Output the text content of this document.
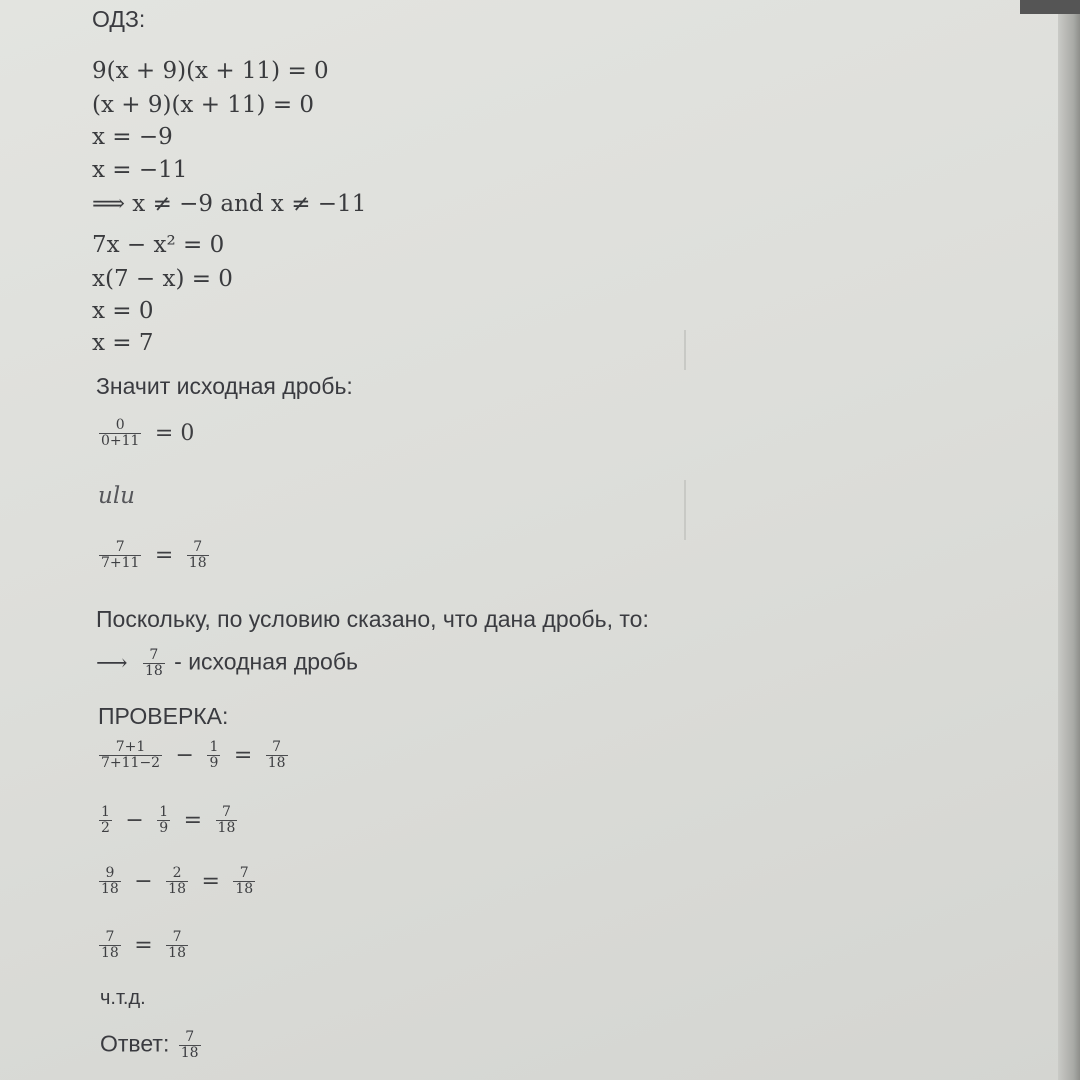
ОДЗ:
9(x + 9)(x + 11) = 0
(x + 9)(x + 11) = 0
x = −9
x = −11
⟹ x ≠ −9 and x ≠ −11
7x − x² = 0
x(7 − x) = 0
x = 0
x = 7
Значит исходная дробь:
$\frac{0}{0+11} = 0$
ulu
$\frac{7}{7+11} = \frac{7}{18}$
Поскольку, по условию сказано, что дана дробь, то:
⟶ $\frac{7}{18}$ - исходная дробь
ПРОВЕРКА:
$\frac{7+1}{7+11-2} - \frac{1}{9} = \frac{7}{18}$
$\frac{1}{2} - \frac{1}{9} = \frac{7}{18}$
$\frac{9}{18} - \frac{2}{18} = \frac{7}{18}$
$\frac{7}{18} = \frac{7}{18}$
ч.т.д.
Ответ: $\frac{7}{18}$
